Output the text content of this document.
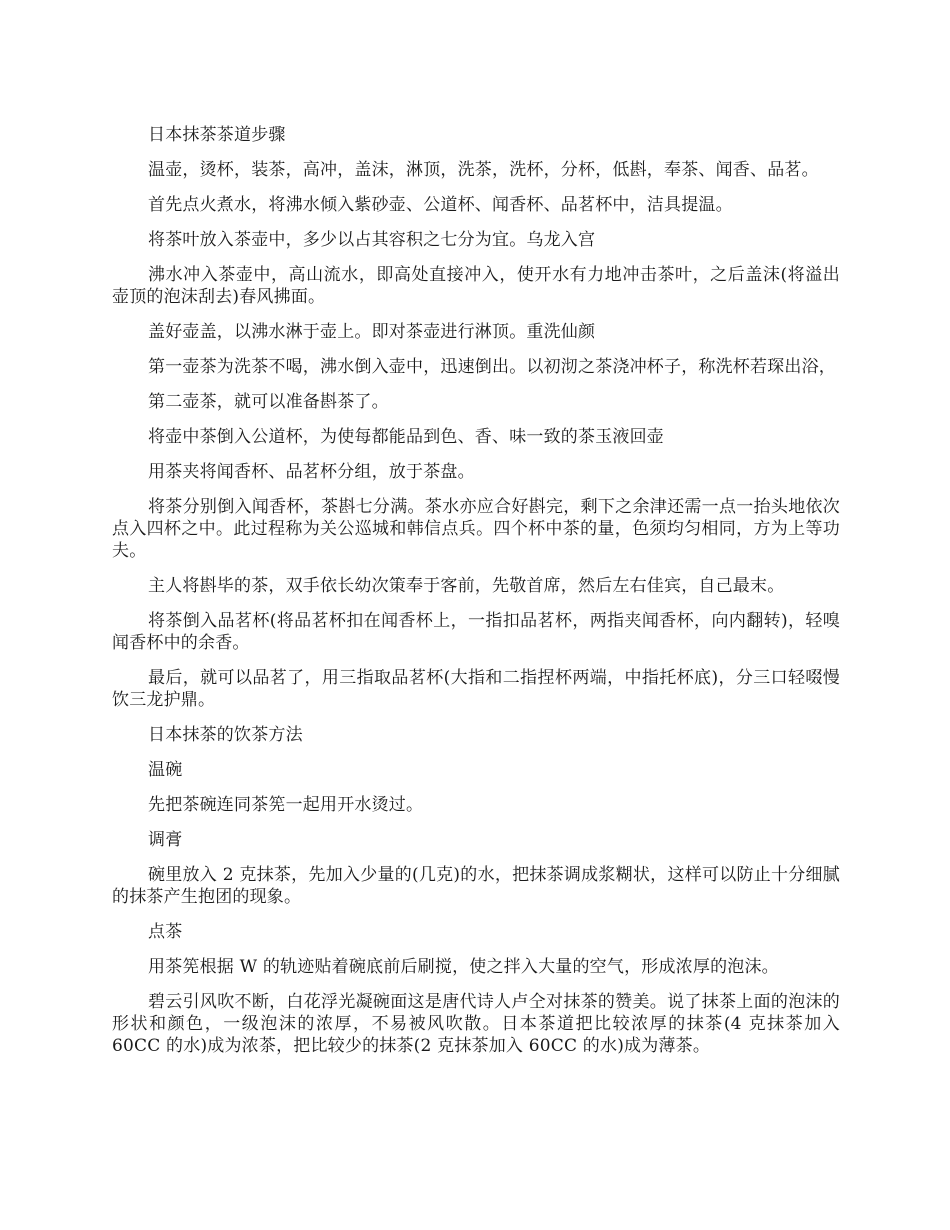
日本抹茶茶道步骤

温壶，烫杯，装茶，高冲，盖沫，淋顶，洗茶，洗杯，分杯，低斟，奉茶、闻香、品茗。

首先点火煮水，将沸水倾入紫砂壶、公道杯、闻香杯、品茗杯中，洁具提温。

将茶叶放入茶壶中，多少以占其容积之七分为宜。乌龙入宫

沸水冲入茶壶中，高山流水，即高处直接冲入，使开水有力地冲击茶叶，之后盖沫(将溢出壶顶的泡沫刮去)春风拂面。

盖好壶盖，以沸水淋于壶上。即对茶壶进行淋顶。重洗仙颜

第一壶茶为洗茶不喝，沸水倒入壶中，迅速倒出。以初沏之茶浇冲杯子，称洗杯若琛出浴，

第二壶茶，就可以准备斟茶了。

将壶中茶倒入公道杯，为使每都能品到色、香、味一致的茶玉液回壶

用茶夹将闻香杯、品茗杯分组，放于茶盘。

将茶分别倒入闻香杯，茶斟七分满。茶水亦应合好斟完，剩下之余津还需一点一抬头地依次点入四杯之中。此过程称为关公巡城和韩信点兵。四个杯中茶的量，色须均匀相同，方为上等功夫。

主人将斟毕的茶，双手依长幼次策奉于客前，先敬首席，然后左右佳宾，自己最末。

将茶倒入品茗杯(将品茗杯扣在闻香杯上，一指扣品茗杯，两指夹闻香杯，向内翻转)，轻嗅闻香杯中的余香。

最后，就可以品茗了，用三指取品茗杯(大指和二指捏杯两端，中指托杯底)，分三口轻啜慢饮三龙护鼎。

日本抹茶的饮茶方法

温碗

先把茶碗连同茶筅一起用开水烫过。

调膏

碗里放入 2 克抹茶，先加入少量的(几克)的水，把抹茶调成浆糊状，这样可以防止十分细腻的抹茶产生抱团的现象。

点茶

用茶筅根据 W 的轨迹贴着碗底前后刷搅，使之拌入大量的空气，形成浓厚的泡沫。

碧云引风吹不断，白花浮光凝碗面这是唐代诗人卢仝对抹茶的赞美。说了抹茶上面的泡沫的形状和颜色，一级泡沫的浓厚，不易被风吹散。日本茶道把比较浓厚的抹茶(4 克抹茶加入 60CC 的水)成为浓茶，把比较少的抹茶(2 克抹茶加入 60CC 的水)成为薄茶。
